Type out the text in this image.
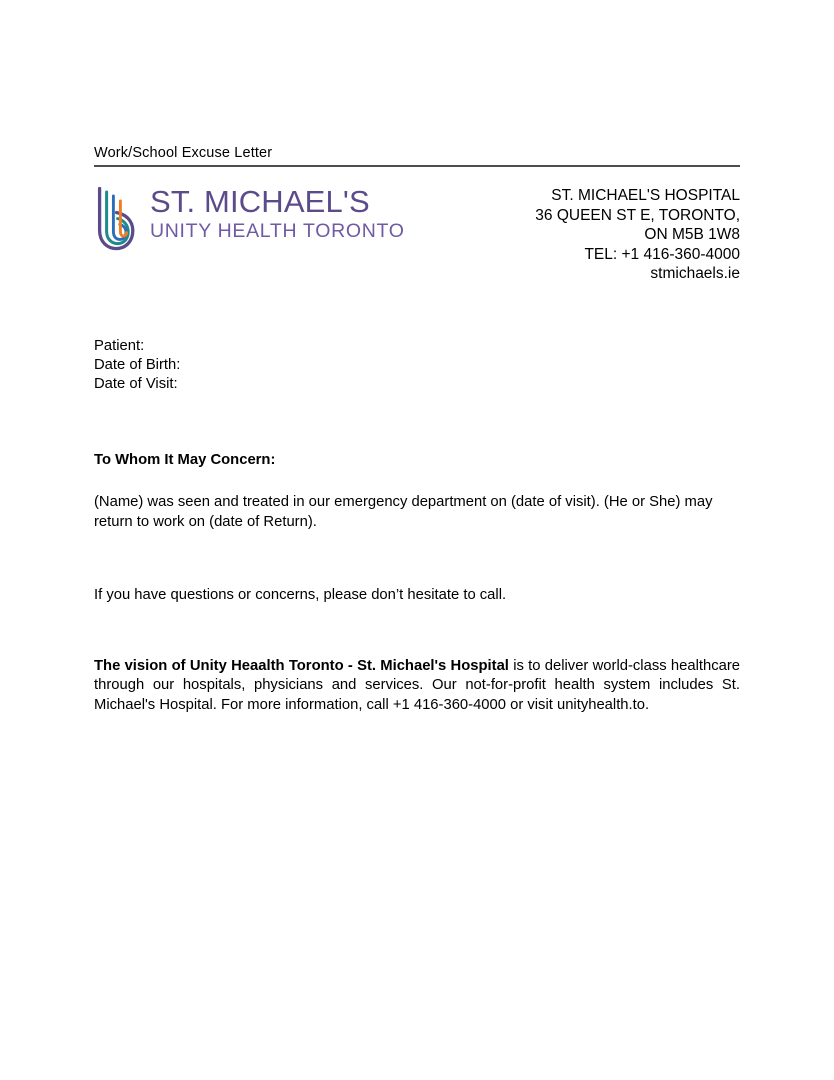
Work/School Excuse Letter
ST. MICHAEL'S
UNITY HEALTH TORONTO
ST. MICHAEL'S HOSPITAL
36 QUEEN ST E, TORONTO,
ON M5B 1W8
TEL: +1 416-360-4000
stmichaels.ie
Patient:
Date of Birth:
Date of Visit:
To Whom It May Concern:
(Name) was seen and treated in our emergency department on (date of visit). (He or She) may return to work on (date of Return).
If you have questions or concerns, please don’t hesitate to call.
The vision of Unity Heaalth Toronto - St. Michael's Hospital is to deliver world-class healthcare through our hospitals, physicians and services. Our not-for-profit health system includes St. Michael's Hospital. For more information, call +1 416-360-4000 or visit unityhealth.to.
